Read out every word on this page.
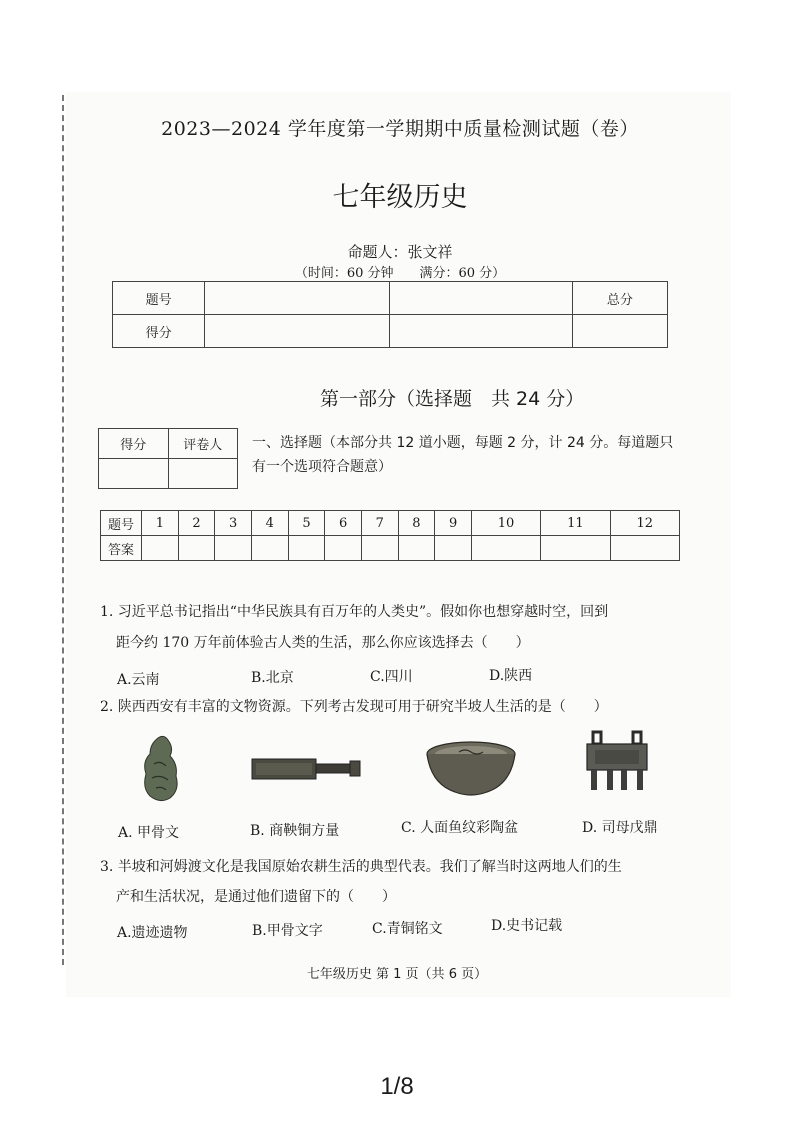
2023—2024 学年度第一学期期中质量检测试题（卷）
七年级历史
命题人：张文祥
（时间：60 分钟　　满分：60 分）
题号			总分
得分			
第一部分（选择题　共 24 分）
得分	评卷人
	一、选择题（本部分共 12 道小题，每题 2 分，计 24 分。每道题只有一个选项符合题意）
题号	1	2	3	4	5	6	7	8	9	10	11	12
答案												
1. 习近平总书记指出“中华民族具有百万年的人类史”。假如你也想穿越时空，回到
距今约 170 万年前体验古人类的生活，那么你应该选择去（　　）
A.云南	B.北京	C.四川	D.陕西
2. 陕西西安有丰富的文物资源。下列考古发现可用于研究半坡人生活的是（　　）
A. 甲骨文	B. 商鞅铜方量	C. 人面鱼纹彩陶盆	D. 司母戊鼎
3. 半坡和河姆渡文化是我国原始农耕生活的典型代表。我们了解当时这两地人们的生
产和生活状况，是通过他们遗留下的（　　）
A.遗迹遗物	B.甲骨文字	C.青铜铭文	D.史书记载
七年级历史 第 1 页（共 6 页）
1/8
